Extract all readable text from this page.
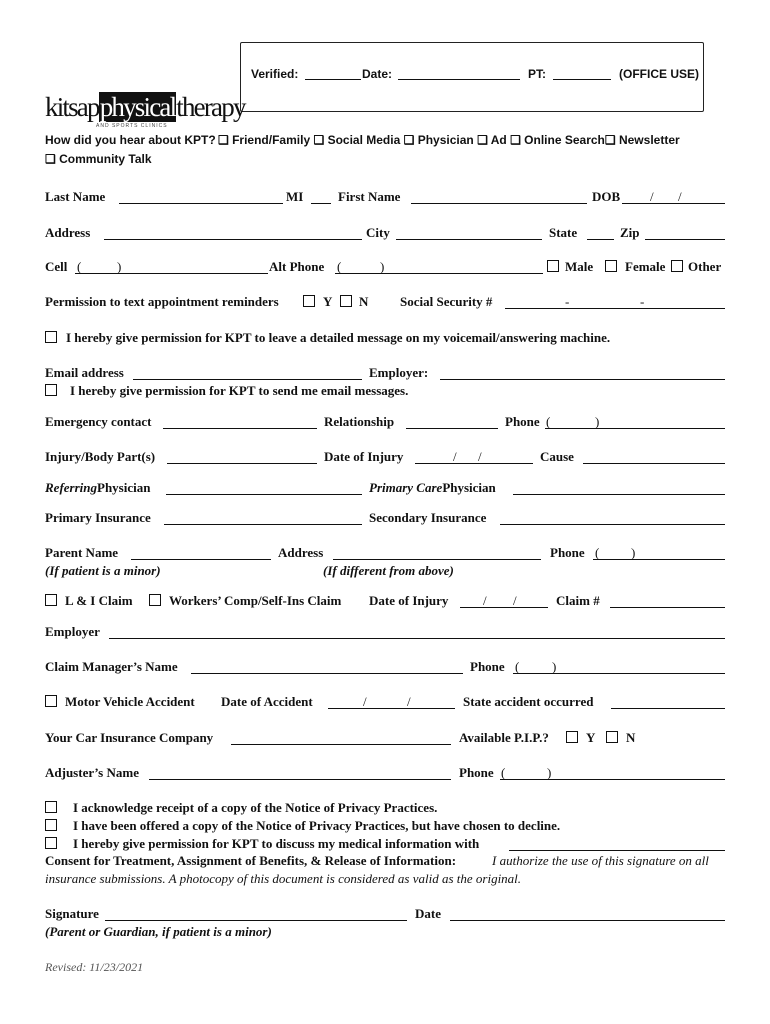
Verified:	Date:	PT:	(OFFICE USE)
kitsapphysicaltherapy
AND SPORTS CLINICS
How did you hear about KPT? ❑ Friend/Family ❑ Social Media ❑ Physician ❑ Ad ❑ Online Search❑ Newsletter
❑ Community Talk
Last Name	MI	First Name	DOB / /
Address	City	State	Zip
Cell (	)	Alt Phone (	)	Male Female Other
Permission to text appointment reminders	Y N Social Security #	-	-
I hereby give permission for KPT to leave a detailed message on my voicemail/answering machine.
Email address	Employer:
I hereby give permission for KPT to send me email messages.
Emergency contact	Relationship	Phone (	)
Injury/Body Part(s)	Date of Injury	/ /	Cause
Referring Physician	Primary Care Physician
Primary Insurance	Secondary Insurance
Parent Name	Address	Phone ( )
(If patient is a minor)	(If different from above)
L & I Claim	Workers’ Comp/Self-Ins Claim Date of Injury	/ /	Claim #
Employer
Claim Manager’s Name	Phone (	)
Motor Vehicle Accident Date of Accident	/	/	State accident occurred
Your Car Insurance Company	Available P.I.P.?	Y N
Adjuster’s Name	Phone (	)
I acknowledge receipt of a copy of the Notice of Privacy Practices.
I have been offered a copy of the Notice of Privacy Practices, but have chosen to decline.
I hereby give permission for KPT to discuss my medical information with
Consent for Treatment, Assignment of Benefits, & Release of Information:	I authorize the use of this signature on all
insurance submissions. A photocopy of this document is considered as valid as the original.
Signature	Date
(Parent or Guardian, if patient is a minor)
Revised: 11/23/2021
